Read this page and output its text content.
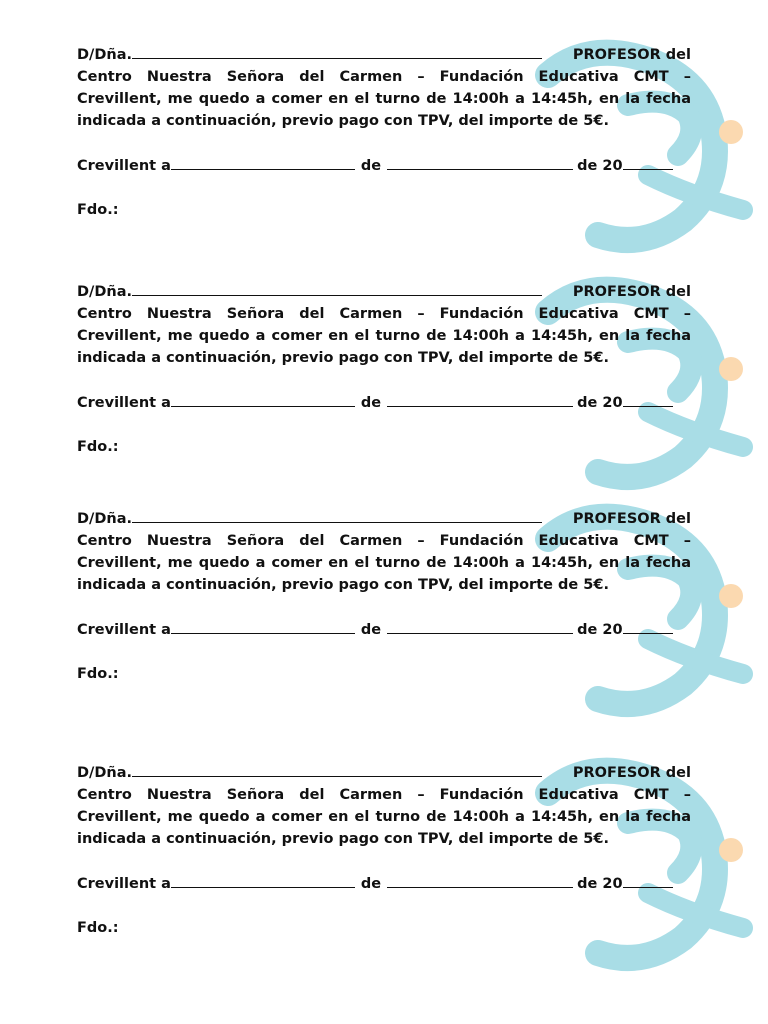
D/Dña.	PROFESOR del
Centro Nuestra Señora del Carmen – Fundación Educativa CMT –
Crevillent, me quedo a comer en el turno de 14:00h a 14:45h, en la fecha
indicada a continuación, previo pago con TPV, del importe de 5€.
Crevillent a	de	de 20
Fdo.:
D/Dña.	PROFESOR del
Centro Nuestra Señora del Carmen – Fundación Educativa CMT –
Crevillent, me quedo a comer en el turno de 14:00h a 14:45h, en la fecha
indicada a continuación, previo pago con TPV, del importe de 5€.
Crevillent a	de	de 20
Fdo.:
D/Dña.	PROFESOR del
Centro Nuestra Señora del Carmen – Fundación Educativa CMT –
Crevillent, me quedo a comer en el turno de 14:00h a 14:45h, en la fecha
indicada a continuación, previo pago con TPV, del importe de 5€.
Crevillent a	de	de 20
Fdo.:
D/Dña.	PROFESOR del
Centro Nuestra Señora del Carmen – Fundación Educativa CMT –
Crevillent, me quedo a comer en el turno de 14:00h a 14:45h, en la fecha
indicada a continuación, previo pago con TPV, del importe de 5€.
Crevillent a	de	de 20
Fdo.:
